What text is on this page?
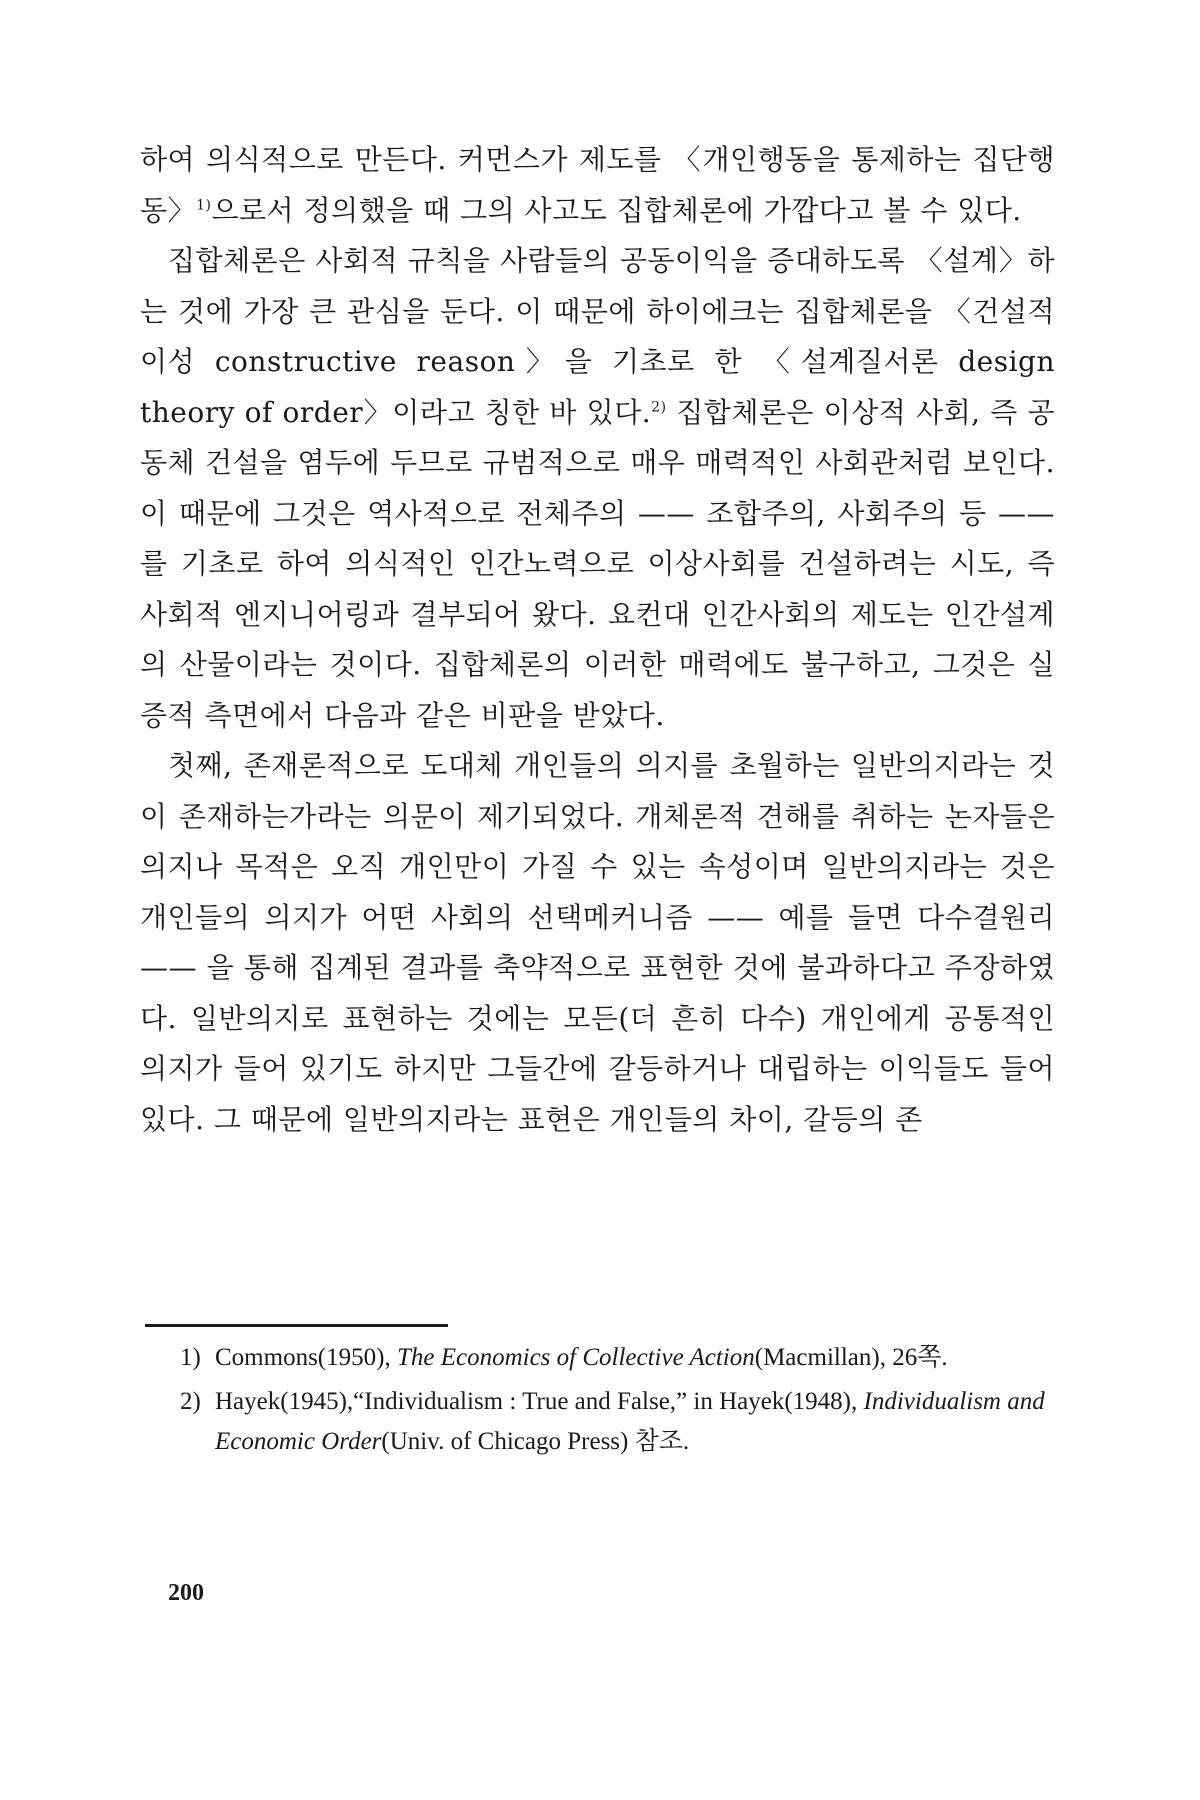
하여 의식적으로 만든다. 커먼스가 제도를 〈개인행동을 통제하는 집단행동〉$^{1)}$으로서 정의했을 때 그의 사고도 집합체론에 가깝다고 볼 수 있다.

집합체론은 사회적 규칙을 사람들의 공동이익을 증대하도록 〈설계〉하는 것에 가장 큰 관심을 둔다. 이 때문에 하이에크는 집합체론을 〈건설적 이성 constructive reason〉을 기초로 한 〈설계질서론 design theory of order〉이라고 칭한 바 있다.$^{2)}$ 집합체론은 이상적 사회, 즉 공동체 건설을 염두에 두므로 규범적으로 매우 매력적인 사회관처럼 보인다. 이 때문에 그것은 역사적으로 전체주의 —— 조합주의, 사회주의 등 —— 를 기초로 하여 의식적인 인간노력으로 이상사회를 건설하려는 시도, 즉 사회적 엔지니어링과 결부되어 왔다. 요컨대 인간사회의 제도는 인간설계의 산물이라는 것이다. 집합체론의 이러한 매력에도 불구하고, 그것은 실증적 측면에서 다음과 같은 비판을 받았다.

첫째, 존재론적으로 도대체 개인들의 의지를 초월하는 일반의지라는 것이 존재하는가라는 의문이 제기되었다. 개체론적 견해를 취하는 논자들은 의지나 목적은 오직 개인만이 가질 수 있는 속성이며 일반의지라는 것은 개인들의 의지가 어떤 사회의 선택메커니즘 —— 예를 들면 다수결원리 —— 을 통해 집계된 결과를 축약적으로 표현한 것에 불과하다고 주장하였다. 일반의지로 표현하는 것에는 모든(더 흔히 다수) 개인에게 공통적인 의지가 들어 있기도 하지만 그들간에 갈등하거나 대립하는 이익들도 들어 있다. 그 때문에 일반의지라는 표현은 개인들의 차이, 갈등의 존

1) Commons(1950), The Economics of Collective Action(Macmillan), 26쪽.
2) Hayek(1945),“Individualism : True and False,” in Hayek(1948), Individualism and Economic Order(Univ. of Chicago Press) 참조.
200
